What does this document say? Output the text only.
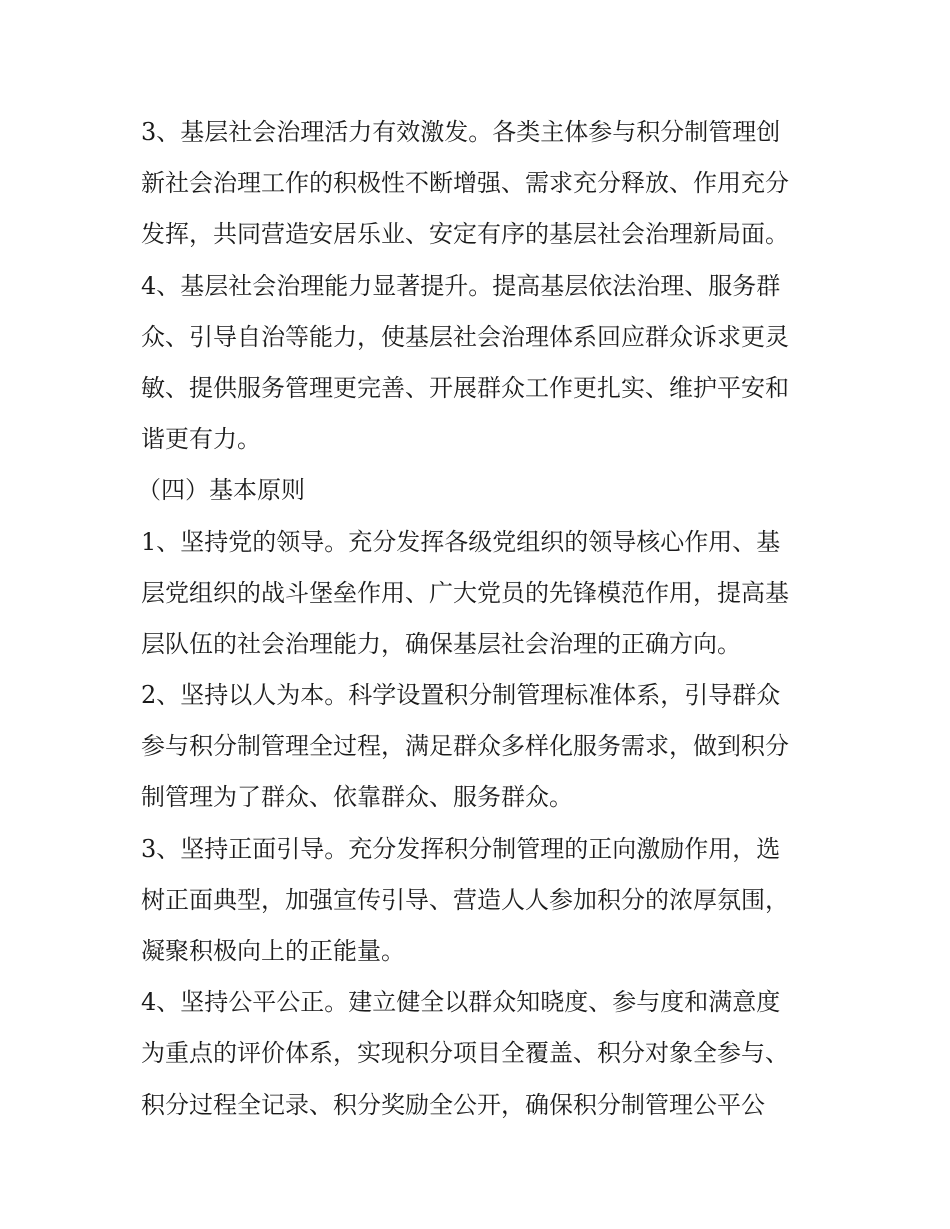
3、基层社会治理活力有效激发。各类主体参与积分制管理创
新社会治理工作的积极性不断增强、需求充分释放、作用充分
发挥，共同营造安居乐业、安定有序的基层社会治理新局面。
4、基层社会治理能力显著提升。提高基层依法治理、服务群
众、引导自治等能力，使基层社会治理体系回应群众诉求更灵
敏、提供服务管理更完善、开展群众工作更扎实、维护平安和
谐更有力。
（四）基本原则
1、坚持党的领导。充分发挥各级党组织的领导核心作用、基
层党组织的战斗堡垒作用、广大党员的先锋模范作用，提高基
层队伍的社会治理能力，确保基层社会治理的正确方向。
2、坚持以人为本。科学设置积分制管理标准体系，引导群众
参与积分制管理全过程，满足群众多样化服务需求，做到积分
制管理为了群众、依靠群众、服务群众。
3、坚持正面引导。充分发挥积分制管理的正向激励作用，选
树正面典型，加强宣传引导、营造人人参加积分的浓厚氛围，
凝聚积极向上的正能量。
4、坚持公平公正。建立健全以群众知晓度、参与度和满意度
为重点的评价体系，实现积分项目全覆盖、积分对象全参与、
积分过程全记录、积分奖励全公开，确保积分制管理公平公
